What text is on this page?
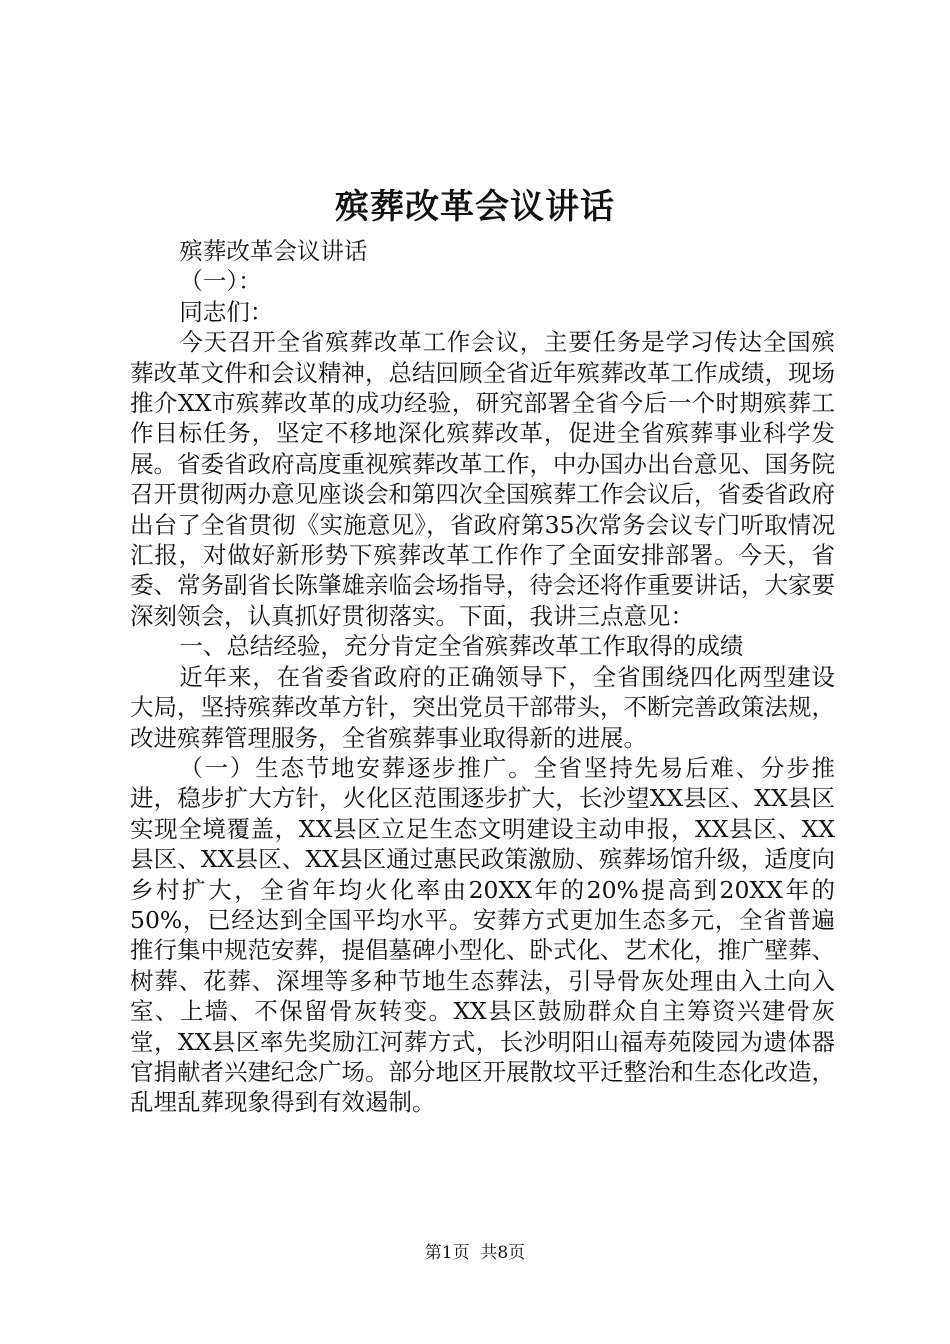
殡葬改革会议讲话

殡葬改革会议讲话

（一）：

同志们：

今天召开全省殡葬改革工作会议，主要任务是学习传达全国殡葬改革文件和会议精神，总结回顾全省近年殡葬改革工作成绩，现场推介XX市殡葬改革的成功经验，研究部署全省今后一个时期殡葬工作目标任务，坚定不移地深化殡葬改革，促进全省殡葬事业科学发展。省委省政府高度重视殡葬改革工作，中办国办出台意见、国务院召开贯彻两办意见座谈会和第四次全国殡葬工作会议后，省委省政府出台了全省贯彻《实施意见》，省政府第35次常务会议专门听取情况汇报，对做好新形势下殡葬改革工作作了全面安排部署。今天，省委、常务副省长陈肇雄亲临会场指导，待会还将作重要讲话，大家要深刻领会，认真抓好贯彻落实。下面，我讲三点意见：

一、总结经验，充分肯定全省殡葬改革工作取得的成绩

近年来，在省委省政府的正确领导下，全省围绕四化两型建设大局，坚持殡葬改革方针，突出党员干部带头，不断完善政策法规，改进殡葬管理服务，全省殡葬事业取得新的进展。

（一）生态节地安葬逐步推广。全省坚持先易后难、分步推进，稳步扩大方针，火化区范围逐步扩大，长沙望XX县区、XX县区实现全境覆盖，XX县区立足生态文明建设主动申报，XX县区、XX县区、XX县区、XX县区通过惠民政策激励、殡葬场馆升级，适度向乡村扩大，全省年均火化率由20XX年的20%提高到20XX年的50%，已经达到全国平均水平。安葬方式更加生态多元，全省普遍推行集中规范安葬，提倡墓碑小型化、卧式化、艺术化，推广壁葬、树葬、花葬、深埋等多种节地生态葬法，引导骨灰处理由入土向入室、上墙、不保留骨灰转变。XX县区鼓励群众自主筹资兴建骨灰堂，XX县区率先奖励江河葬方式，长沙明阳山福寿苑陵园为遗体器官捐献者兴建纪念广场。部分地区开展散坟平迁整治和生态化改造，乱埋乱葬现象得到有效遏制。

第1页 共8页
